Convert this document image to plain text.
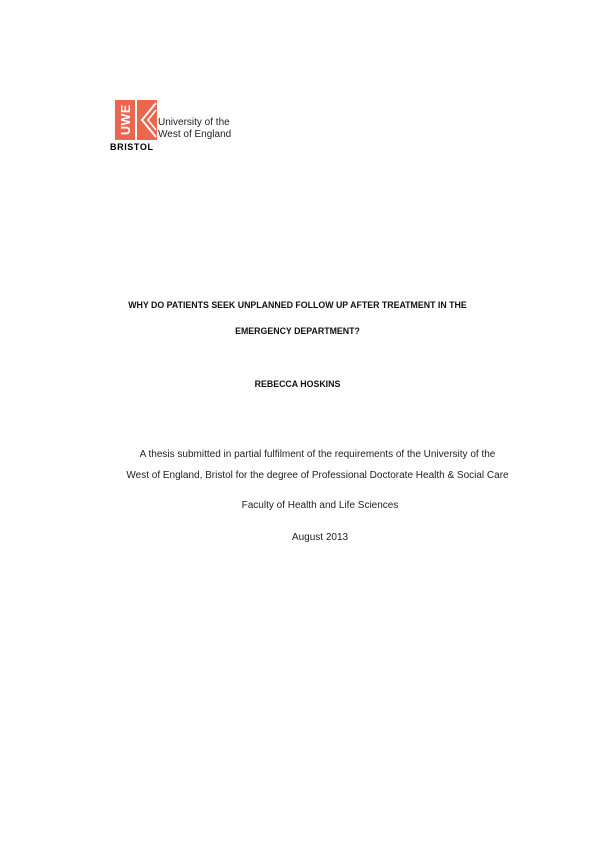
UWE
BRISTOL
University of the
West of England
WHY DO PATIENTS SEEK UNPLANNED FOLLOW UP AFTER TREATMENT IN THE
EMERGENCY DEPARTMENT?
REBECCA HOSKINS
A thesis submitted in partial fulfilment of the requirements of the University of the
West of England, Bristol for the degree of Professional Doctorate Health & Social Care
Faculty of Health and Life Sciences
August 2013
